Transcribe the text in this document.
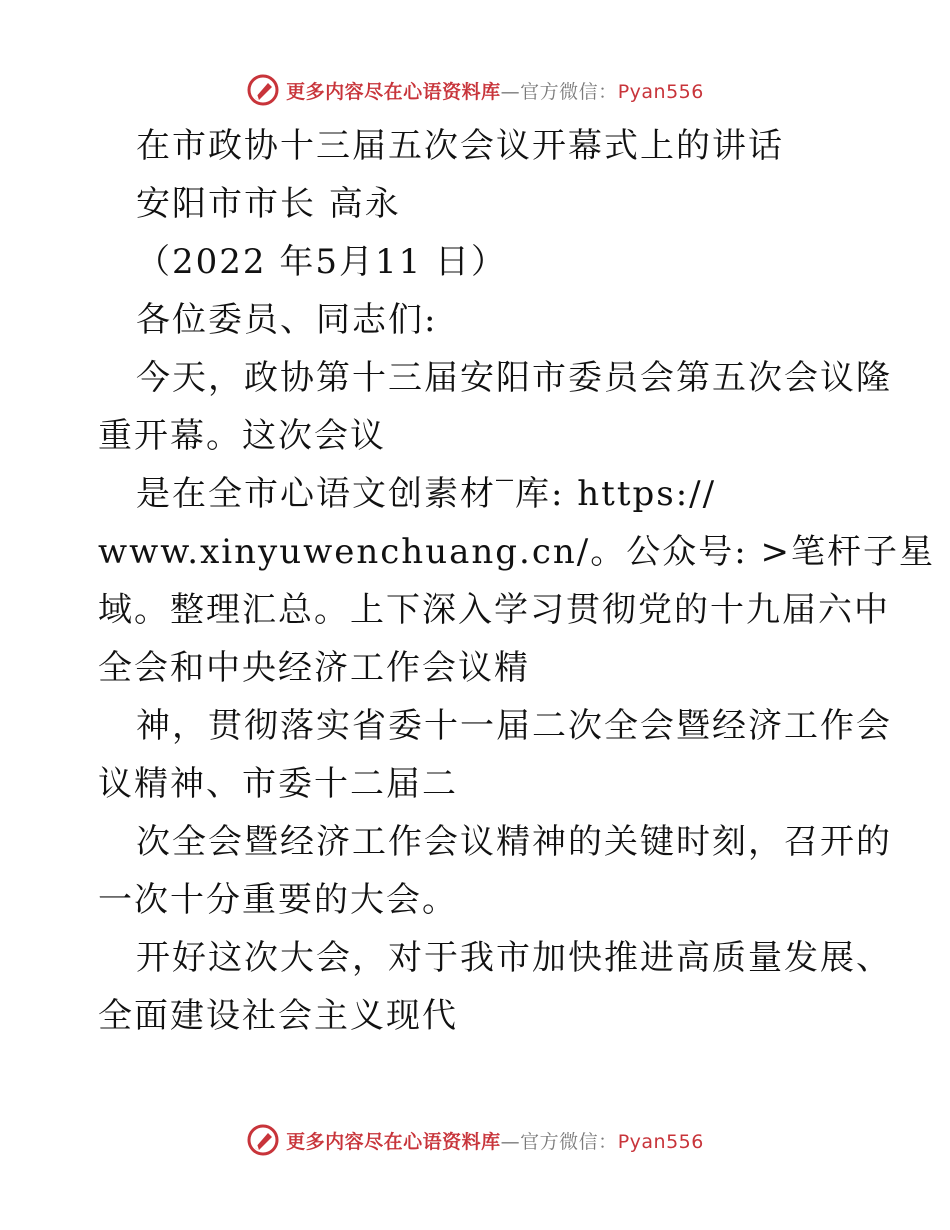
更多内容尽在心语资料库—官方微信：Pyan556
在市政协十三届五次会议开幕式上的讲话
安阳市市长 高永
（2022 年5月11 日）
各位委员、同志们:
今天，政协第十三届安阳市委员会第五次会议隆
重开幕。这次会议
是在全市心语文创素材‾库: https://
www.xinyuwenchuang.cn/。公众号: >笔杆子星
域。整理汇总。上下深入学习贯彻党的十九届六中
全会和中央经济工作会议精
神，贯彻落实省委十一届二次全会暨经济工作会
议精神、市委十二届二
次全会暨经济工作会议精神的关键时刻，召开的
一次十分重要的大会。
开好这次大会，对于我市加快推进高质量发展、
全面建设社会主义现代
更多内容尽在心语资料库—官方微信：Pyan556
